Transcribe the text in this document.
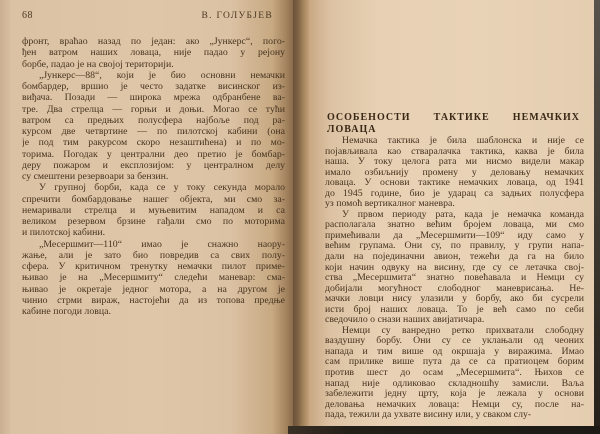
68	В. ГОЛУБЈЕВ
фронт, враћао назад по један: ако „Јункерс“, пого-
ђен ватром наших ловаца, није падао у рејону
борбе, падао је на својој територији.
„Јункерс—88“, који је био основни немачки
бомбардер, вршио је често задатке висинског из-
виђача. Позади — широка мрежа одбранбене ва-
тре. Два стрелца — горњи и доњи. Могао се тући
ватром са предњих полусфера најбоље под ра-
курсом две четвртине — по пилотској кабини (она
је под тим ракурсом скоро незаштићена) и по мо-
торима. Погодак у централни део претио је бомбар-
деру пожаром и експлозијом: у централном делу
су смештени резервоари за бензин.
У групној борби, када се у току секунда морало
спречити бомбардовање нашег објекта, ми смо за-
немаривали стрелца и муњевитим нападом и са
великом резервом брзине гађали смо по моторима
и пилотској кабини.
„Месершмит—110“ имао је снажно наору-
жање, али је зато био повредив са свих полу-
сфера. У критичном тренутку немачки пилот приме-
њивао је на „Месершмиту“ следећи маневар: сма-
њивао је окретаје једног мотора, а на другом је
чинио стрми вираж, настојећи да из топова предње
кабине погоди ловца.
ОСОБЕНОСТИ ТАКТИКЕ НЕМАЧКИХ ЛОВАЦА
Немачка тактика је била шаблонска и није се
појављивала као стваралачка тактика, каква је била
наша. У току целога рата ми нисмо видели макар
имало озбиљнију промену у деловању немачких
ловаца. У основи тактике немачких ловаца, од 1941
до 1945 године, био је ударац са задњих полусфера
уз помоћ вертикалног маневра.
У првом периоду рата, када је немачка команда
располагала знатно већим бројем ловаца, ми смо
примећивали да „Месершмити—109“ иду само у
већим групама. Они су, по правилу, у групи напа-
дали на појединачни авион, тежећи да га на било
који начин одвуку на висину, где су се летачка свој-
ства „Месершмита“ знатно повећавала и Немци су
добијали могућност слободног маневрисања. Не-
мачки ловци нису улазили у борбу, ако би сусрели
исти број наших ловаца. То је већ само по себи
сведочило о снази наших авијатичара.
Немци су ванредно ретко прихватали слободну
ваздушну борбу. Они су се уклањали од чеоних
напада и тим више од окршаја у виражима. Имао
сам прилике више пута да се са пратиоцем борим
против шест до осам „Месершмита“. Њихов се
напад није одликовао складношћу замисли. Ваља
забележити једну црту, која је лежала у основи
деловања немачких ловаца: Немци су, после на-
пада, тежили да ухвате висину или, у сваком слу-
